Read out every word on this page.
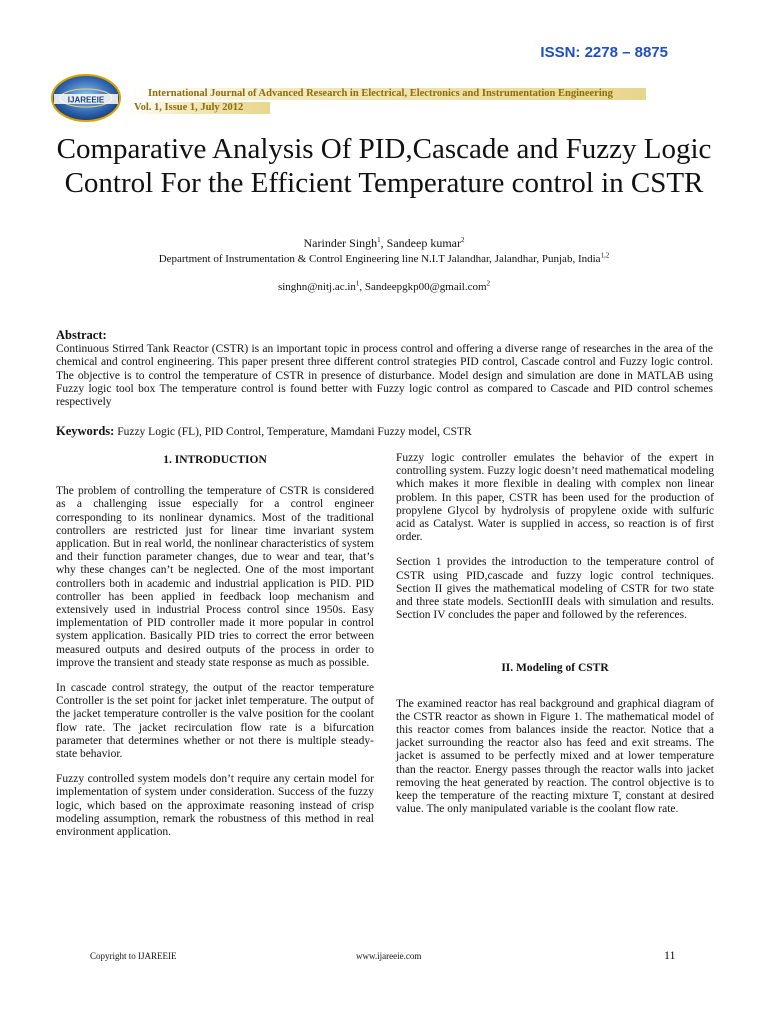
ISSN: 2278 – 8875
IJAREEIE
International Journal of Advanced Research in Electrical, Electronics and Instrumentation Engineering
Vol. 1, Issue 1, July 2012
Comparative Analysis Of PID,Cascade and Fuzzy Logic Control For the Efficient Temperature control in CSTR
Narinder Singh$^1$, Sandeep kumar$^2$
Department of Instrumentation & Control Engineering line N.I.T Jalandhar, Jalandhar, Punjab, India$^{1,2}$
$singhn@nitj.ac.in^1$, Sandeepgkp00@gmail.com$^2$
Abstract:
Continuous Stirred Tank Reactor (CSTR) is an important topic in process control and offering a diverse range of researches in the area of the chemical and control engineering. This paper present three different control strategies PID control, Cascade control and Fuzzy logic control. The objective is to control the temperature of CSTR in presence of disturbance. Model design and simulation are done in MATLAB using Fuzzy logic tool box The temperature control is found better with Fuzzy logic control as compared to Cascade and PID control schemes respectively
Keywords: Fuzzy Logic (FL), PID Control, Temperature, Mamdani Fuzzy model, CSTR
1. INTRODUCTION

The problem of controlling the temperature of CSTR is considered as a challenging issue especially for a control engineer corresponding to its nonlinear dynamics. Most of the traditional controllers are restricted just for linear time invariant system application. But in real world, the nonlinear characteristics of system and their function parameter changes, due to wear and tear, that’s why these changes can’t be neglected. One of the most important controllers both in academic and industrial application is PID. PID controller has been applied in feedback loop mechanism and extensively used in industrial Process control since 1950s. Easy implementation of PID controller made it more popular in control system application. Basically PID tries to correct the error between measured outputs and desired outputs of the process in order to improve the transient and steady state response as much as possible.

In cascade control strategy, the output of the reactor temperature Controller is the set point for jacket inlet temperature. The output of the jacket temperature controller is the valve position for the coolant flow rate. The jacket recirculation flow rate is a bifurcation parameter that determines whether or not there is multiple steady-state behavior.

Fuzzy controlled system models don’t require any certain model for implementation of system under consideration. Success of the fuzzy logic, which based on the approximate reasoning instead of crisp modeling assumption, remark the robustness of this method in real environment application.

Fuzzy logic controller emulates the behavior of the expert in controlling system. Fuzzy logic doesn’t need mathematical modeling which makes it more flexible in dealing with complex non linear problem. In this paper, CSTR has been used for the production of propylene Glycol by hydrolysis of propylene oxide with sulfuric acid as Catalyst. Water is supplied in access, so reaction is of first order.

Section 1 provides the introduction to the temperature control of CSTR using PID,cascade and fuzzy logic control techniques. Section II gives the mathematical modeling of CSTR for two state and three state models. SectionIII deals with simulation and results. Section IV concludes the paper and followed by the references.

II. Modeling of CSTR

The examined reactor has real background and graphical diagram of the CSTR reactor as shown in Figure 1. The mathematical model of this reactor comes from balances inside the reactor. Notice that a jacket surrounding the reactor also has feed and exit streams. The jacket is assumed to be perfectly mixed and at lower temperature than the reactor. Energy passes through the reactor walls into jacket removing the heat generated by reaction. The control objective is to keep the temperature of the reacting mixture T, constant at desired value. The only manipulated variable is the coolant flow rate.

Copyright to IJAREEIE	www.ijareeie.com	11
